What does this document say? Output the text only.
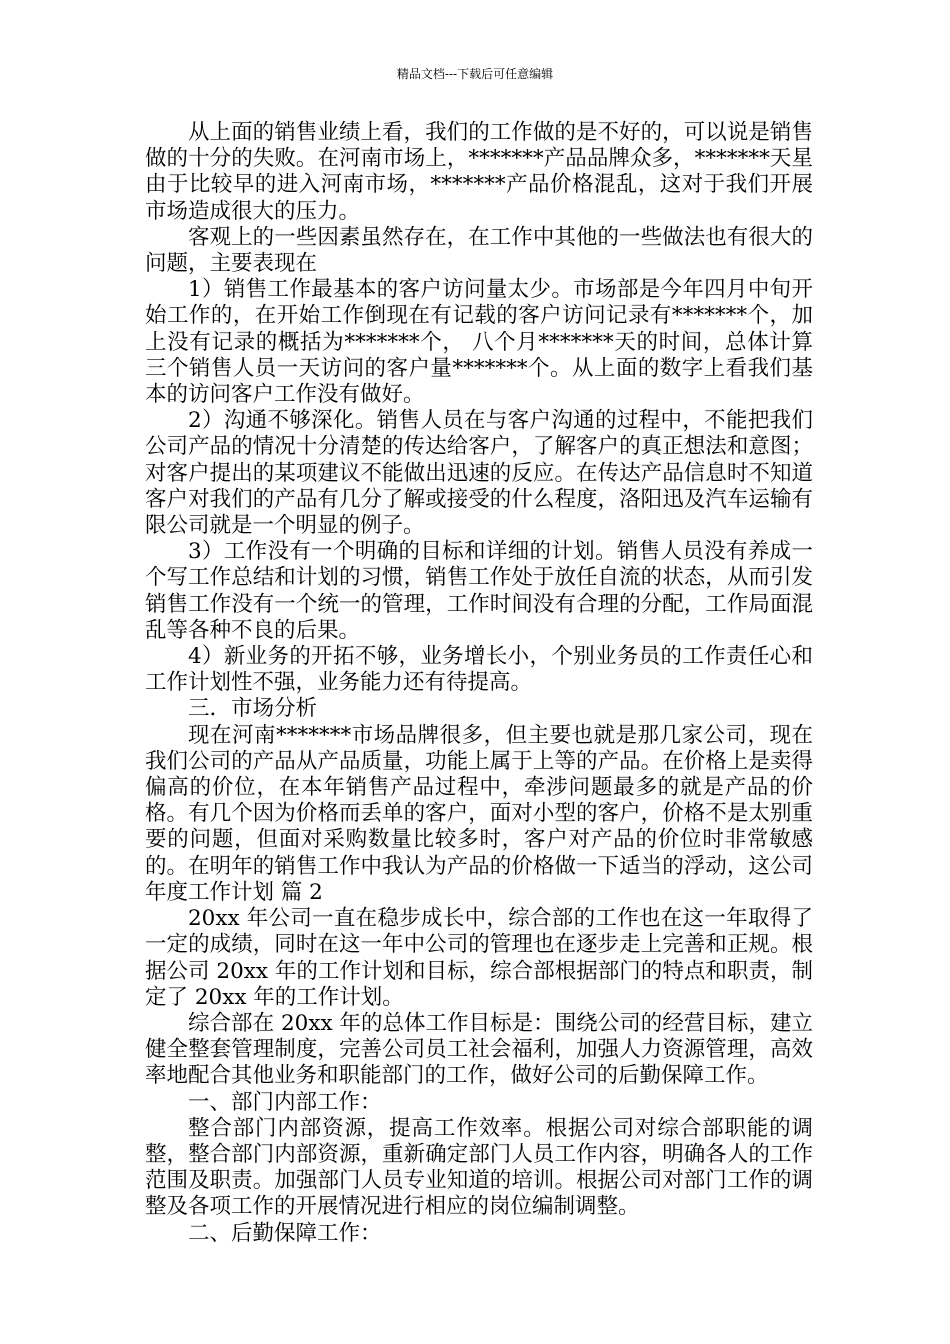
精品文档---下载后可任意编辑

从上面的销售业绩上看，我们的工作做的是不好的，可以说是销售做的十分的失败。在河南市场上，*******产品品牌众多，*******天星由于比较早的进入河南市场，*******产品价格混乱，这对于我们开展市场造成很大的压力。

客观上的一些因素虽然存在，在工作中其他的一些做法也有很大的问题，主要表现在

1）销售工作最基本的客户访问量太少。市场部是今年四月中旬开始工作的，在开始工作倒现在有记载的客户访问记录有*******个，加上没有记录的概括为*******个， 八个月*******天的时间，总体计算三个销售人员一天访问的客户量*******个。从上面的数字上看我们基本的访问客户工作没有做好。

2）沟通不够深化。销售人员在与客户沟通的过程中，不能把我们公司产品的情况十分清楚的传达给客户，了解客户的真正想法和意图；对客户提出的某项建议不能做出迅速的反应。在传达产品信息时不知道客户对我们的产品有几分了解或接受的什么程度，洛阳迅及汽车运输有限公司就是一个明显的例子。

3）工作没有一个明确的目标和详细的计划。销售人员没有养成一个写工作总结和计划的习惯，销售工作处于放任自流的状态，从而引发销售工作没有一个统一的管理，工作时间没有合理的分配，工作局面混乱等各种不良的后果。

4）新业务的开拓不够，业务增长小，个别业务员的工作责任心和工作计划性不强，业务能力还有待提高。

三．市场分析

现在河南*******市场品牌很多，但主要也就是那几家公司，现在我们公司的产品从产品质量，功能上属于上等的产品。在价格上是卖得偏高的价位，在本年销售产品过程中，牵涉问题最多的就是产品的价格。有几个因为价格而丢单的客户，面对小型的客户，价格不是太别重要的问题，但面对采购数量比较多时，客户对产品的价位时非常敏感的。在明年的销售工作中我认为产品的价格做一下适当的浮动，这公司年度工作计划 篇 2

20xx 年公司一直在稳步成长中，综合部的工作也在这一年取得了一定的成绩，同时在这一年中公司的管理也在逐步走上完善和正规。根据公司 20xx 年的工作计划和目标，综合部根据部门的特点和职责，制定了 20xx 年的工作计划。

综合部在 20xx 年的总体工作目标是：围绕公司的经营目标，建立健全整套管理制度，完善公司员工社会福利，加强人力资源管理，高效率地配合其他业务和职能部门的工作，做好公司的后勤保障工作。

一、部门内部工作：

整合部门内部资源，提高工作效率。根据公司对综合部职能的调整，整合部门内部资源，重新确定部门人员工作内容，明确各人的工作范围及职责。加强部门人员专业知道的培训。根据公司对部门工作的调整及各项工作的开展情况进行相应的岗位编制调整。

二、后勤保障工作：
